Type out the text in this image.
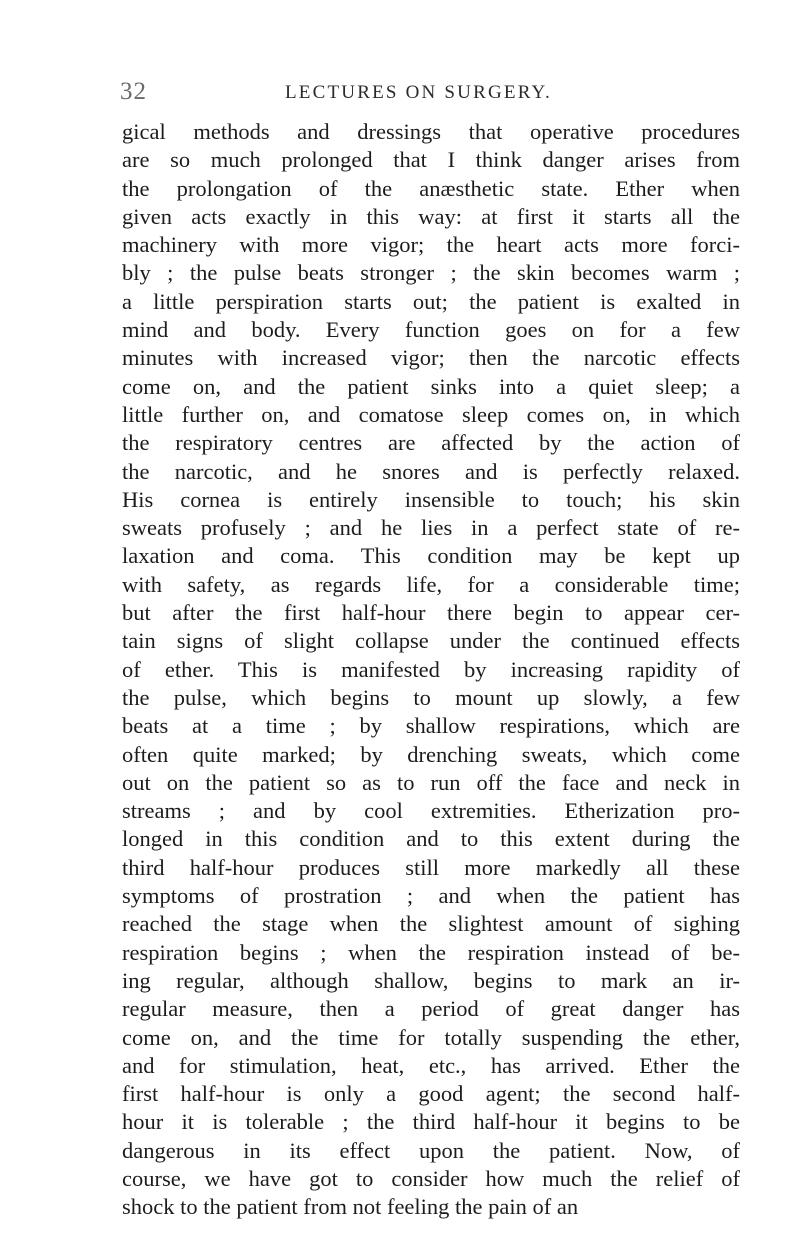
32	LECTURES ON SURGERY.
gical methods and dressings that operative procedures
are so much prolonged that I think danger arises from
the prolongation of the anæsthetic state. Ether when
given acts exactly in this way: at first it starts all the
machinery with more vigor; the heart acts more forci-
bly ; the pulse beats stronger ; the skin becomes warm ;
a little perspiration starts out; the patient is exalted in
mind and body. Every function goes on for a few
minutes with increased vigor; then the narcotic effects
come on, and the patient sinks into a quiet sleep; a
little further on, and comatose sleep comes on, in which
the respiratory centres are affected by the action of
the narcotic, and he snores and is perfectly relaxed.
His cornea is entirely insensible to touch; his skin
sweats profusely ; and he lies in a perfect state of re-
laxation and coma. This condition may be kept up
with safety, as regards life, for a considerable time;
but after the first half-hour there begin to appear cer-
tain signs of slight collapse under the continued effects
of ether. This is manifested by increasing rapidity of
the pulse, which begins to mount up slowly, a few
beats at a time ; by shallow respirations, which are
often quite marked; by drenching sweats, which come
out on the patient so as to run off the face and neck in
streams ; and by cool extremities. Etherization pro-
longed in this condition and to this extent during the
third half-hour produces still more markedly all these
symptoms of prostration ; and when the patient has
reached the stage when the slightest amount of sighing
respiration begins ; when the respiration instead of be-
ing regular, although shallow, begins to mark an ir-
regular measure, then a period of great danger has
come on, and the time for totally suspending the ether,
and for stimulation, heat, etc., has arrived. Ether the
first half-hour is only a good agent; the second half-
hour it is tolerable ; the third half-hour it begins to be
dangerous in its effect upon the patient. Now, of
course, we have got to consider how much the relief of
shock to the patient from not feeling the pain of an
